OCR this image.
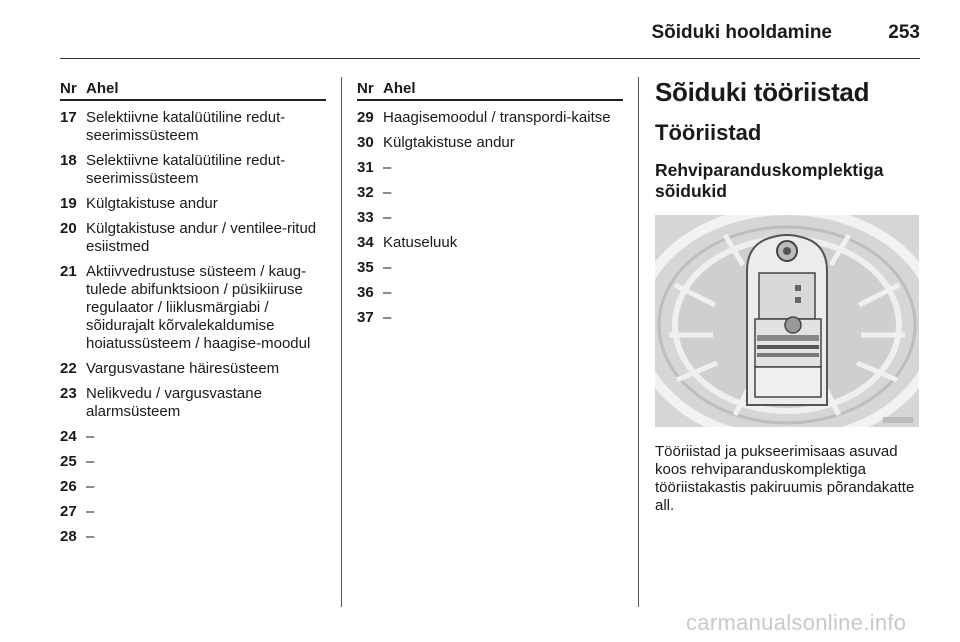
Sõiduki hooldamine	253
Nr Ahel
17 Selektiivne katalüütiline redut-seerimissüsteem
18 Selektiivne katalüütiline redut-seerimissüsteem
19 Külgtakistuse andur
20 Külgtakistuse andur / ventilee-ritud esiistmed
21 Aktiivvedrustuse süsteem / kaug-tulede abifunktsioon / püsikiiruse regulaator / liiklusmärgiabi / sõidurajalt kõrvalekaldumise hoiatussüsteem / haagise-moodul
22 Vargusvastane häiresüsteem
23 Nelikvedu / vargusvastane alarmsüsteem
24 –
25 –
26 –
27 –
28 –
Nr Ahel
29 Haagisemoodul / transpordi-kaitse
30 Külgtakistuse andur
31 –
32 –
33 –
34 Katuseluuk
35 –
36 –
37 –
Sõiduki tööriistad
Tööriistad
Rehviparanduskomplektiga sõidukid
Tööriistad ja pukseerimisaas asuvad koos rehviparanduskomplektiga tööriistakastis pakiruumis põrandakatte all.
carmanualsonline.info
